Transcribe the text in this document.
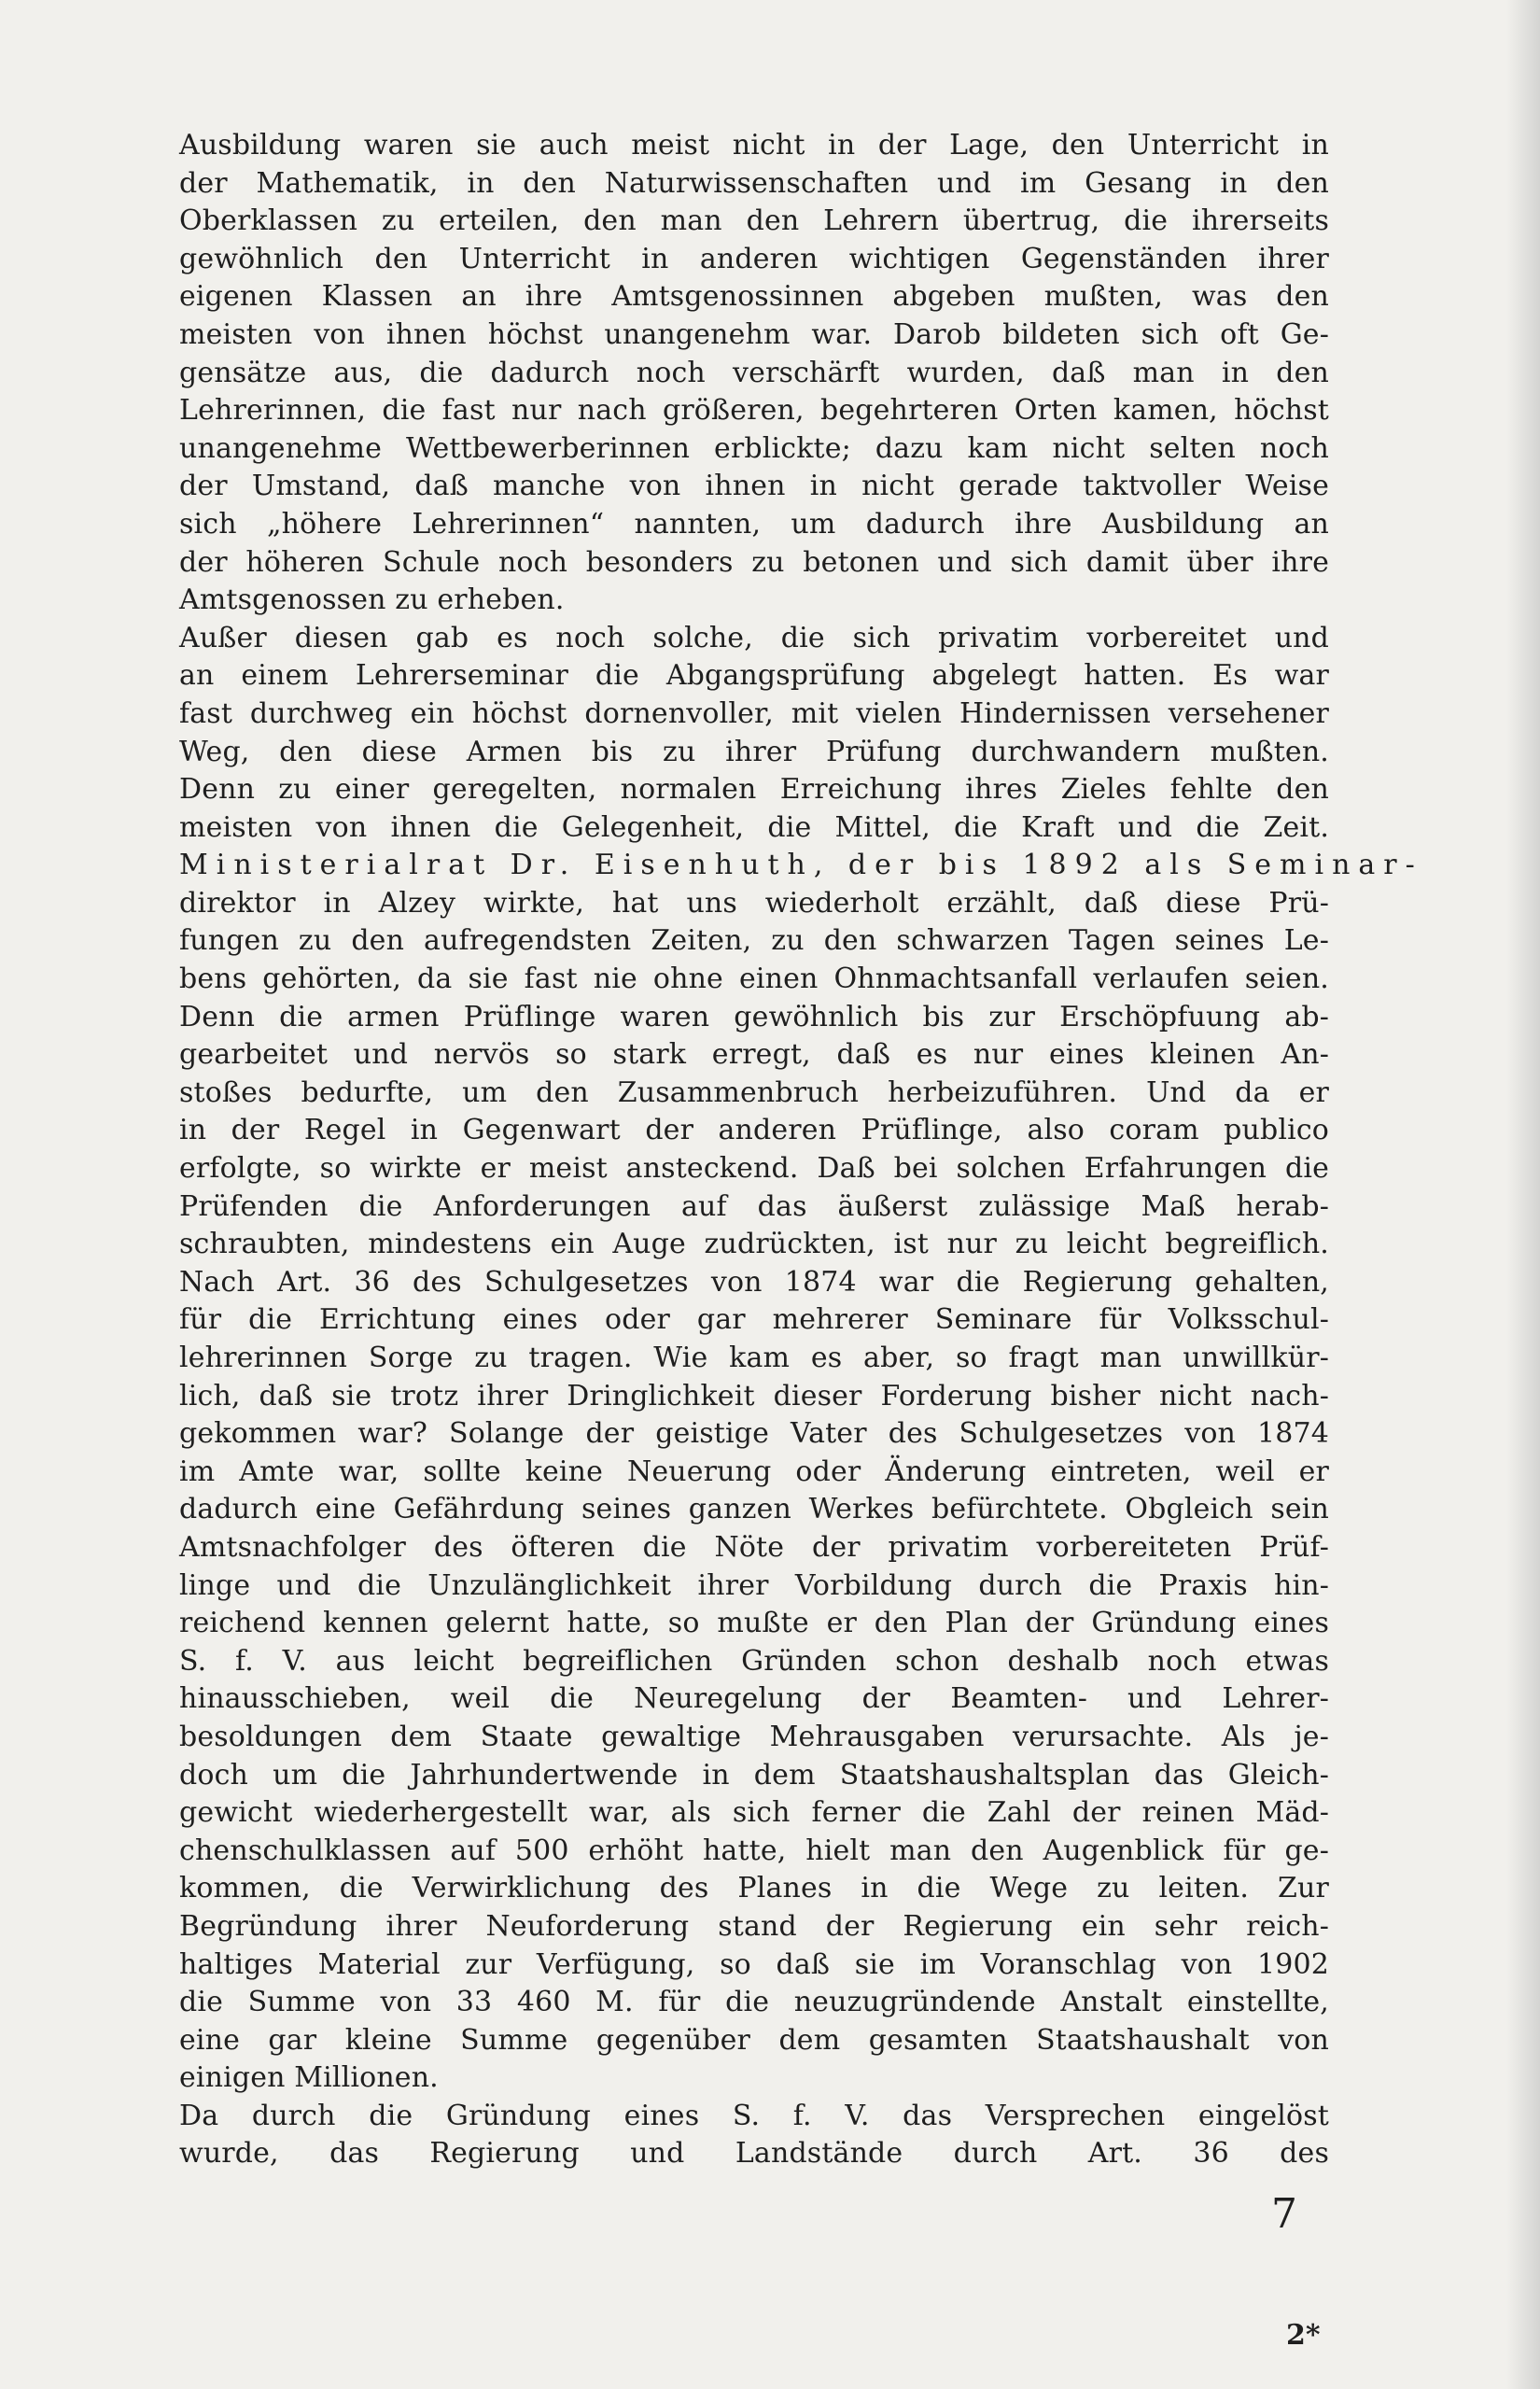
Ausbildung waren sie auch meist nicht in der Lage, den Unterricht in
der Mathematik, in den Naturwissenschaften und im Gesang in den
Oberklassen zu erteilen, den man den Lehrern übertrug, die ihrerseits
gewöhnlich den Unterricht in anderen wichtigen Gegenständen ihrer
eigenen Klassen an ihre Amtsgenossinnen abgeben mußten, was den
meisten von ihnen höchst unangenehm war. Darob bildeten sich oft Ge-
gensätze aus, die dadurch noch verschärft wurden, daß man in den
Lehrerinnen, die fast nur nach größeren, begehrteren Orten kamen, höchst
unangenehme Wettbewerberinnen erblickte; dazu kam nicht selten noch
der Umstand, daß manche von ihnen in nicht gerade taktvoller Weise
sich „höhere Lehrerinnen“ nannten, um dadurch ihre Ausbildung an
der höheren Schule noch besonders zu betonen und sich damit über ihre
Amtsgenossen zu erheben.
Außer diesen gab es noch solche, die sich privatim vorbereitet und
an einem Lehrerseminar die Abgangsprüfung abgelegt hatten. Es war
fast durchweg ein höchst dornenvoller, mit vielen Hindernissen versehener
Weg, den diese Armen bis zu ihrer Prüfung durchwandern mußten.
Denn zu einer geregelten, normalen Erreichung ihres Zieles fehlte den
meisten von ihnen die Gelegenheit, die Mittel, die Kraft und die Zeit.
Ministerialrat Dr. Eisenhuth, der bis 1892 als Seminar-
direktor in Alzey wirkte, hat uns wiederholt erzählt, daß diese Prü-
fungen zu den aufregendsten Zeiten, zu den schwarzen Tagen seines Le-
bens gehörten, da sie fast nie ohne einen Ohnmachtsanfall verlaufen seien.
Denn die armen Prüflinge waren gewöhnlich bis zur Erschöpfuung ab-
gearbeitet und nervös so stark erregt, daß es nur eines kleinen An-
stoßes bedurfte, um den Zusammenbruch herbeizuführen. Und da er
in der Regel in Gegenwart der anderen Prüflinge, also coram publico
erfolgte, so wirkte er meist ansteckend. Daß bei solchen Erfahrungen die
Prüfenden die Anforderungen auf das äußerst zulässige Maß herab-
schraubten, mindestens ein Auge zudrückten, ist nur zu leicht begreiflich.
Nach Art. 36 des Schulgesetzes von 1874 war die Regierung gehalten,
für die Errichtung eines oder gar mehrerer Seminare für Volksschul-
lehrerinnen Sorge zu tragen. Wie kam es aber, so fragt man unwillkür-
lich, daß sie trotz ihrer Dringlichkeit dieser Forderung bisher nicht nach-
gekommen war? Solange der geistige Vater des Schulgesetzes von 1874
im Amte war, sollte keine Neuerung oder Änderung eintreten, weil er
dadurch eine Gefährdung seines ganzen Werkes befürchtete. Obgleich sein
Amtsnachfolger des öfteren die Nöte der privatim vorbereiteten Prüf-
linge und die Unzulänglichkeit ihrer Vorbildung durch die Praxis hin-
reichend kennen gelernt hatte, so mußte er den Plan der Gründung eines
S. f. V. aus leicht begreiflichen Gründen schon deshalb noch etwas
hinausschieben, weil die Neuregelung der Beamten- und Lehrer-
besoldungen dem Staate gewaltige Mehrausgaben verursachte. Als je-
doch um die Jahrhundertwende in dem Staatshaushaltsplan das Gleich-
gewicht wiederhergestellt war, als sich ferner die Zahl der reinen Mäd-
chenschulklassen auf 500 erhöht hatte, hielt man den Augenblick für ge-
kommen, die Verwirklichung des Planes in die Wege zu leiten. Zur
Begründung ihrer Neuforderung stand der Regierung ein sehr reich-
haltiges Material zur Verfügung, so daß sie im Voranschlag von 1902
die Summe von 33 460 M. für die neuzugründende Anstalt einstellte,
eine gar kleine Summe gegenüber dem gesamten Staatshaushalt von
einigen Millionen.
Da durch die Gründung eines S. f. V. das Versprechen eingelöst
wurde, das Regierung und Landstände durch Art. 36 des
7
2*
